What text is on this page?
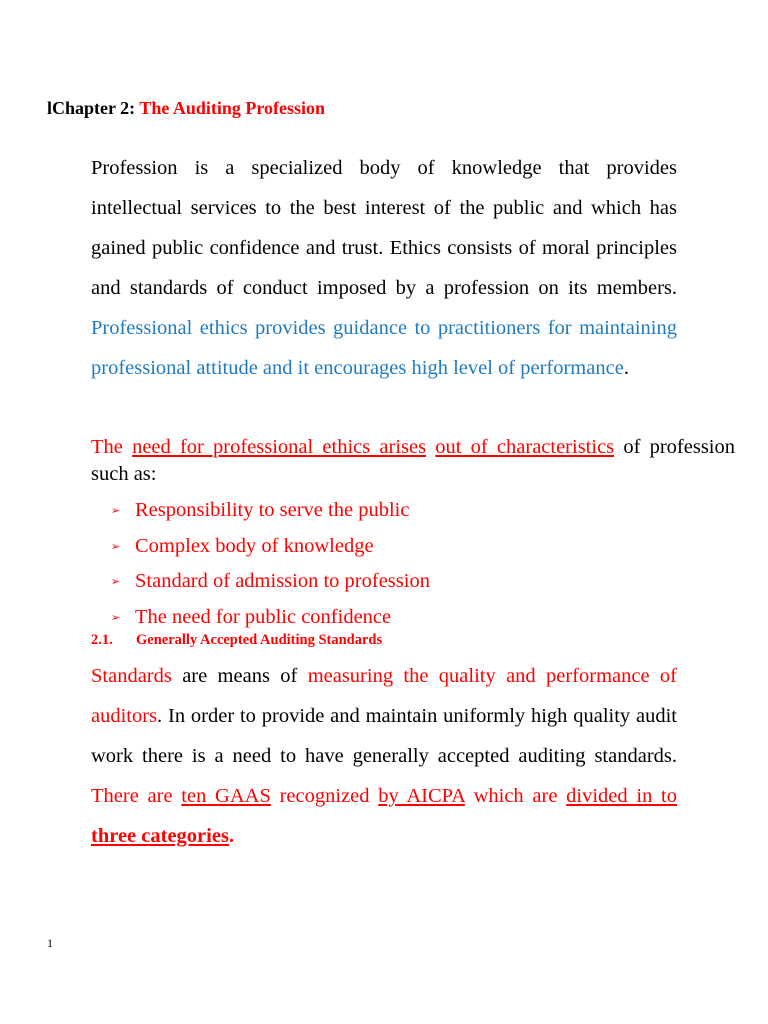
lChapter 2: The Auditing Profession

Profession is a specialized body of knowledge that provides intellectual services to the best interest of the public and which has gained public confidence and trust. Ethics consists of moral principles and standards of conduct imposed by a profession on its members. Professional ethics provides guidance to practitioners for maintaining professional attitude and it encourages high level of performance.

The need for professional ethics arises out of characteristics of profession such as:

➢ Responsibility to serve the public
➢ Complex body of knowledge
➢ Standard of admission to profession
➢ The need for public confidence
2.1. Generally Accepted Auditing Standards

Standards are means of measuring the quality and performance of auditors. In order to provide and maintain uniformly high quality audit work there is a need to have generally accepted auditing standards. There are ten GAAS recognized by AICPA which are divided in to three categories.

1
